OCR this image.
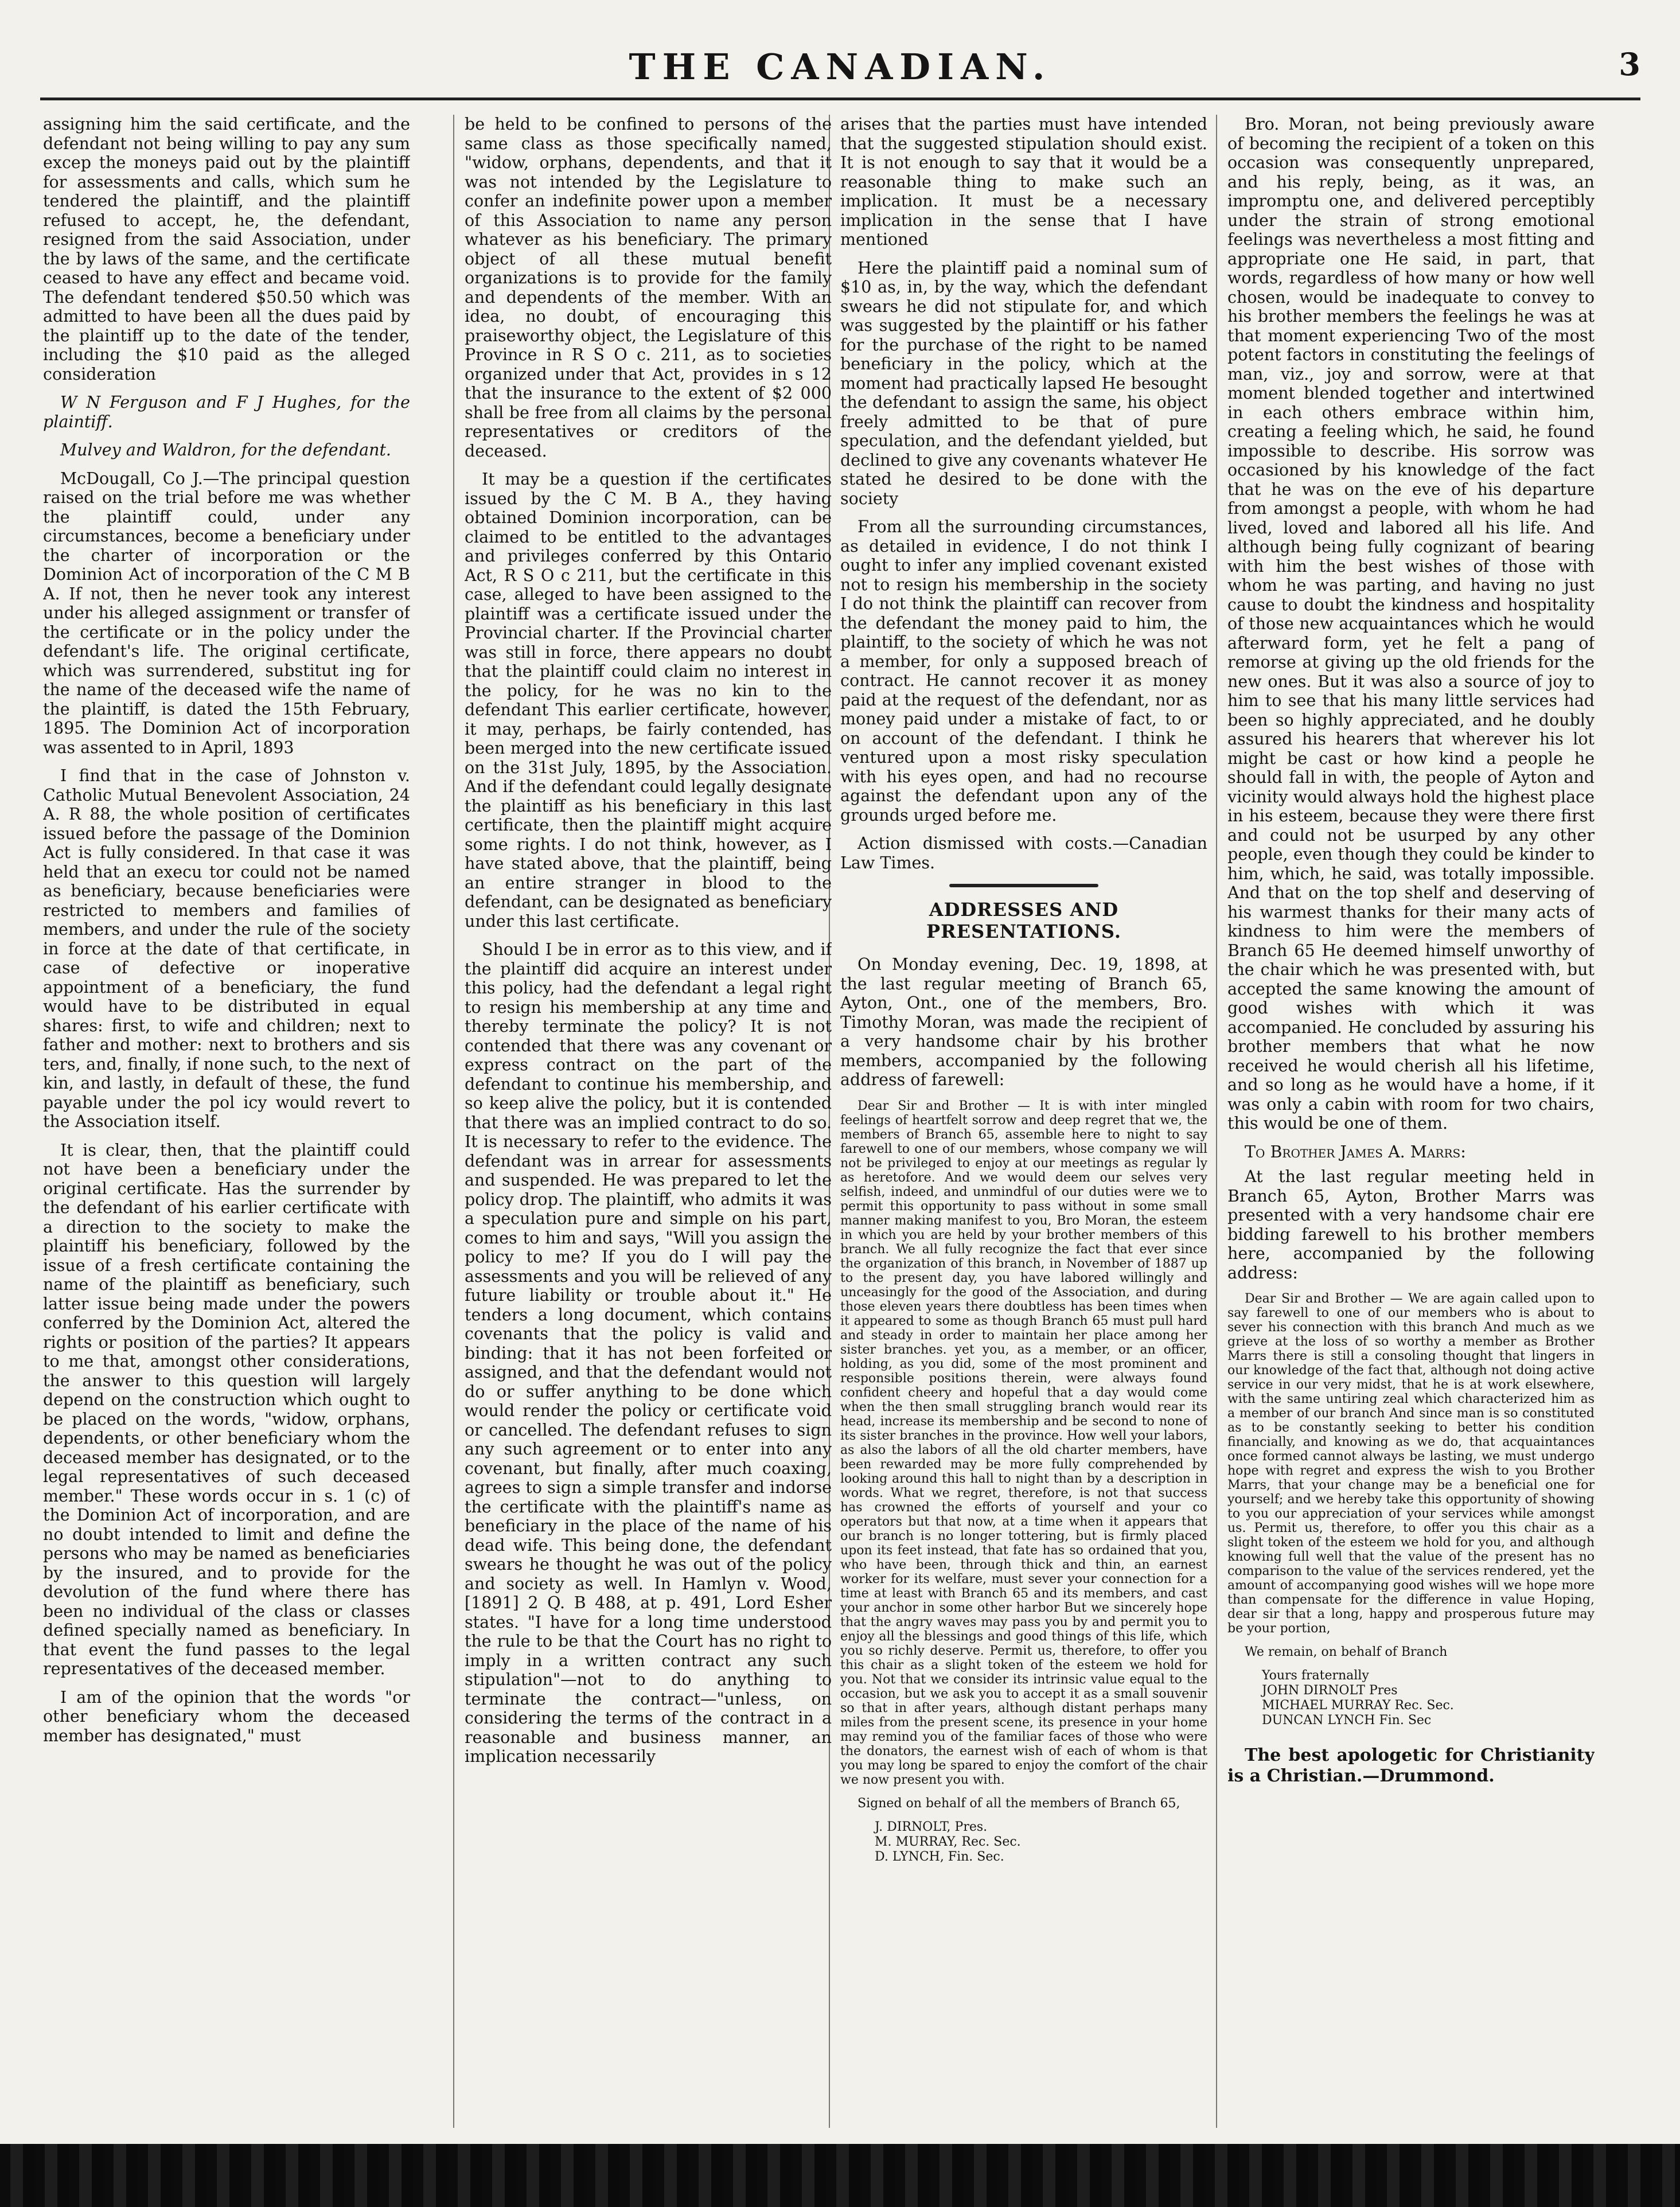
THE CANADIAN.	3

assigning him the said certificate, and the defendant not being willing to pay any sum excep the moneys paid out by the plaintiff for assessments and calls, which sum he tendered the plaintiff, and the plaintiff refused to accept, he, the defendant, resigned from the said Association, under the by laws of the same, and the certificate ceased to have any effect and became void. The defendant tendered $50.50 which was admitted to have been all the dues paid by the plaintiff up to the date of the tender, including the $10 paid as the alleged consideration

W N Ferguson and F J Hughes, for the plaintiff.

Mulvey and Waldron, for the defendant.

McDougall, Co J.—The principal question raised on the trial before me was whether the plaintiff could, under any circumstances, become a beneficiary under the charter of incorporation or the Dominion Act of incorporation of the C M B A. If not, then he never took any interest under his alleged assignment or transfer of the certificate or in the policy under the defendant's life. The original certificate, which was surrendered, substitut ing for the name of the deceased wife the name of the plaintiff, is dated the 15th February, 1895. The Dominion Act of incorporation was assented to in April, 1893

I find that in the case of Johnston v. Catholic Mutual Benevolent Association, 24 A. R 88, the whole position of certificates issued before the passage of the Dominion Act is fully considered. In that case it was held that an execu tor could not be named as beneficiary, because beneficiaries were restricted to members and families of members, and under the rule of the society in force at the date of that certificate, in case of defective or inoperative appointment of a beneficiary, the fund would have to be distributed in equal shares: first, to wife and children; next to father and mother: next to brothers and sis ters, and, finally, if none such, to the next of kin, and lastly, in default of these, the fund payable under the pol icy would revert to the Association itself.

It is clear, then, that the plaintiff could not have been a beneficiary under the original certificate. Has the surrender by the defendant of his earlier certificate with a direction to the society to make the plaintiff his beneficiary, followed by the issue of a fresh certificate containing the name of the plaintiff as beneficiary, such latter issue being made under the powers conferred by the Dominion Act, altered the rights or position of the parties? It appears to me that, amongst other considerations, the answer to this question will largely depend on the construction which ought to be placed on the words, "widow, orphans, dependents, or other beneficiary whom the deceased member has designated, or to the legal representatives of such deceased member." These words occur in s. 1 (c) of the Dominion Act of incorporation, and are no doubt intended to limit and define the persons who may be named as beneficiaries by the insured, and to provide for the devolution of the fund where there has been no individual of the class or classes defined specially named as beneficiary. In that event the fund passes to the legal representatives of the deceased member.

I am of the opinion that the words "or other beneficiary whom the deceased member has designated," must

be held to be confined to persons of the same class as those specifically named, "widow, orphans, dependents, and that it was not intended by the Legislature to confer an indefinite power upon a member of this Association to name any person whatever as his beneficiary. The primary object of all these mutual benefit organizations is to provide for the family and dependents of the member. With an idea, no doubt, of encouraging this praiseworthy object, the Legislature of this Province in R S O c. 211, as to societies organized under that Act, provides in s 12 that the insurance to the extent of $2 000 shall be free from all claims by the personal representatives or creditors of the deceased.

It may be a question if the certificates issued by the C M. B A., they having obtained Dominion incorporation, can be claimed to be entitled to the advantages and privileges conferred by this Ontario Act, R S O c 211, but the certificate in this case, alleged to have been assigned to the plaintiff was a certificate issued under the Provincial charter. If the Provincial charter was still in force, there appears no doubt that the plaintiff could claim no interest in the policy, for he was no kin to the defendant This earlier certificate, however, it may, perhaps, be fairly contended, has been merged into the new certificate issued on the 31st July, 1895, by the Association. And if the defendant could legally designate the plaintiff as his beneficiary in this last certificate, then the plaintiff might acquire some rights. I do not think, however, as I have stated above, that the plaintiff, being an entire stranger in blood to the defendant, can be designated as beneficiary under this last certificate.

Should I be in error as to this view, and if the plaintiff did acquire an interest under this policy, had the defendant a legal right to resign his membership at any time and thereby terminate the policy? It is not contended that there was any covenant or express contract on the part of the defendant to continue his membership, and so keep alive the policy, but it is contended that there was an implied contract to do so. It is necessary to refer to the evidence. The defendant was in arrear for assessments and suspended. He was prepared to let the policy drop. The plaintiff, who admits it was a speculation pure and simple on his part, comes to him and says, "Will you assign the policy to me? If you do I will pay the assessments and you will be relieved of any future liability or trouble about it." He tenders a long document, which contains covenants that the policy is valid and binding: that it has not been forfeited or assigned, and that the defendant would not do or suffer anything to be done which would render the policy or certificate void or cancelled. The defendant refuses to sign any such agreement or to enter into any covenant, but finally, after much coaxing, agrees to sign a simple transfer and indorse the certificate with the plaintiff's name as beneficiary in the place of the name of his dead wife. This being done, the defendant swears he thought he was out of the policy and society as well. In Hamlyn v. Wood, [1891] 2 Q. B 488, at p. 491, Lord Esher states. "I have for a long time understood the rule to be that the Court has no right to imply in a written contract any such stipulation"—not to do anything to terminate the contract—"unless, on considering the terms of the contract in a reasonable and business manner, an implication necessarily

arises that the parties must have intended that the suggested stipulation should exist. It is not enough to say that it would be a reasonable thing to make such an implication. It must be a necessary implication in the sense that I have mentioned

Here the plaintiff paid a nominal sum of $10 as, in, by the way, which the defendant swears he did not stipulate for, and which was suggested by the plaintiff or his father for the purchase of the right to be named beneficiary in the policy, which at the moment had practically lapsed He besought the defendant to assign the same, his object freely admitted to be that of pure speculation, and the defendant yielded, but declined to give any covenants whatever He stated he desired to be done with the society

From all the surrounding circumstances, as detailed in evidence, I do not think I ought to infer any implied covenant existed not to resign his membership in the society I do not think the plaintiff can recover from the defendant the money paid to him, the plaintiff, to the society of which he was not a member, for only a supposed breach of contract. He cannot recover it as money paid at the request of the defendant, nor as money paid under a mistake of fact, to or on account of the defendant. I think he ventured upon a most risky speculation with his eyes open, and had no recourse against the defendant upon any of the grounds urged before me.

Action dismissed with costs.—Canadian Law Times.

ADDRESSES AND PRESENTATIONS.

On Monday evening, Dec. 19, 1898, at the last regular meeting of Branch 65, Ayton, Ont., one of the members, Bro. Timothy Moran, was made the recipient of a very handsome chair by his brother members, accompanied by the following address of farewell:

Dear Sir and Brother — It is with inter mingled feelings of heartfelt sorrow and deep regret that we, the members of Branch 65, assemble here to night to say farewell to one of our members, whose company we will not be privileged to enjoy at our meetings as regular ly as heretofore. And we would deem our selves very selfish, indeed, and unmindful of our duties were we to permit this opportunity to pass without in some small manner making manifest to you, Bro Moran, the esteem in which you are held by your brother members of this branch. We all fully recognize the fact that ever since the organization of this branch, in November of 1887 up to the present day, you have labored willingly and unceasingly for the good of the Association, and during those eleven years there doubtless has been times when it appeared to some as though Branch 65 must pull hard and steady in order to maintain her place among her sister branches. yet you, as a member, or an officer, holding, as you did, some of the most prominent and responsible positions therein, were always found confident cheery and hopeful that a day would come when the then small struggling branch would rear its head, increase its membership and be second to none of its sister branches in the province. How well your labors, as also the labors of all the old charter members, have been rewarded may be more fully comprehended by looking around this hall to night than by a description in words. What we regret, therefore, is not that success has crowned the efforts of yourself and your co operators but that now, at a time when it appears that our branch is no longer tottering, but is firmly placed upon its feet instead, that fate has so ordained that you, who have been, through thick and thin, an earnest worker for its welfare, must sever your connection for a time at least with Branch 65 and its members, and cast your anchor in some other harbor But we sincerely hope that the angry waves may pass you by and permit you to enjoy all the blessings and good things of this life, which you so richly deserve. Permit us, therefore, to offer you this chair as a slight token of the esteem we hold for you. Not that we consider its intrinsic value equal to the occasion, but we ask you to accept it as a small souvenir so that in after years, although distant perhaps many miles from the present scene, its presence in your home may remind you of the familiar faces of those who were the donators, the earnest wish of each of whom is that you may long be spared to enjoy the comfort of the chair we now present you with.

Signed on behalf of all the members of Branch 65,

J. DIRNOLT, Pres.
M. MURRAY, Rec. Sec.
D. LYNCH, Fin. Sec.

Bro. Moran, not being previously aware of becoming the recipient of a token on this occasion was consequently unprepared, and his reply, being, as it was, an impromptu one, and delivered perceptibly under the strain of strong emotional feelings was nevertheless a most fitting and appropriate one He said, in part, that words, regardless of how many or how well chosen, would be inadequate to convey to his brother members the feelings he was at that moment experiencing Two of the most potent factors in constituting the feelings of man, viz., joy and sorrow, were at that moment blended together and intertwined in each others embrace within him, creating a feeling which, he said, he found impossible to describe. His sorrow was occasioned by his knowledge of the fact that he was on the eve of his departure from amongst a people, with whom he had lived, loved and labored all his life. And although being fully cognizant of bearing with him the best wishes of those with whom he was parting, and having no just cause to doubt the kindness and hospitality of those new acquaintances which he would afterward form, yet he felt a pang of remorse at giving up the old friends for the new ones. But it was also a source of joy to him to see that his many little services had been so highly appreciated, and he doubly assured his hearers that wherever his lot might be cast or how kind a people he should fall in with, the people of Ayton and vicinity would always hold the highest place in his esteem, because they were there first and could not be usurped by any other people, even though they could be kinder to him, which, he said, was totally impossible. And that on the top shelf and deserving of his warmest thanks for their many acts of kindness to him were the members of Branch 65 He deemed himself unworthy of the chair which he was presented with, but accepted the same knowing the amount of good wishes with which it was accompanied. He concluded by assuring his brother members that what he now received he would cherish all his lifetime, and so long as he would have a home, if it was only a cabin with room for two chairs, this would be one of them.

To Brother James A. Marrs:

At the last regular meeting held in Branch 65, Ayton, Brother Marrs was presented with a very handsome chair ere bidding farewell to his brother members here, accompanied by the following address:

Dear Sir and Brother — We are again called upon to say farewell to one of our members who is about to sever his connection with this branch And much as we grieve at the loss of so worthy a member as Brother Marrs there is still a consoling thought that lingers in our knowledge of the fact that, although not doing active service in our very midst, that he is at work elsewhere, with the same untiring zeal which characterized him as a member of our branch And since man is so constituted as to be constantly seeking to better his condition financially, and knowing as we do, that acquaintances once formed cannot always be lasting, we must undergo hope with regret and express the wish to you Brother Marrs, that your change may be a beneficial one for yourself; and we hereby take this opportunity of showing to you our appreciation of your services while amongst us. Permit us, therefore, to offer you this chair as a slight token of the esteem we hold for you, and although knowing full well that the value of the present has no comparison to the value of the services rendered, yet the amount of accompanying good wishes will we hope more than compensate for the difference in value Hoping, dear sir that a long, happy and prosperous future may be your portion,

We remain, on behalf of Branch

Yours fraternally
JOHN DIRNOLT Pres
MICHAEL MURRAY Rec. Sec.
DUNCAN LYNCH Fin. Sec

The best apologetic for Christianity is a Christian.—Drummond.
